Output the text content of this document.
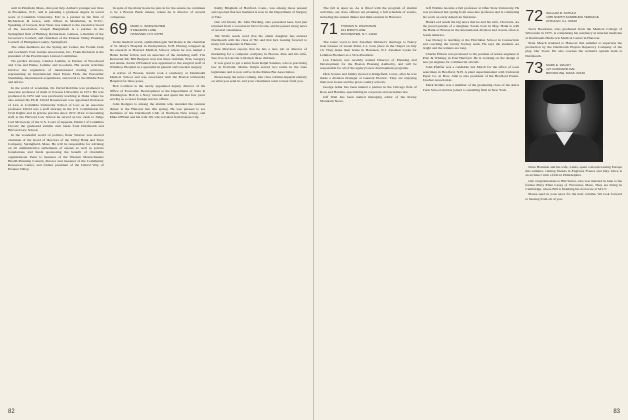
well in Pittsfield, Mass., this past July. Arthur's younger son lives in Brookline, N.Y., and is pursuing a graduate degree in social work at Columbia University. Eric is a partner in the firm of Richardson & Grace, with offices in Manhattan, in N.Y.C. Speaking of lawyers, Ron Wess was named to the executive board of the association. Joseph Bangladesh is a partner in the Springfield firm of Bulkley, Richardson, Gelinas, a member of the Governor's Council, and chairman of the Pioneer Valley Planning Council of Hampden County, Springfield.

The other members are the Spring Art Center, the Forum Club and Gorham's Tour Guides Association, Inc. Frank Richards is the president of the Practitioners Liaison Committee.

We predict attorney, Charles Lemme, is Partner of Woodward and Cole and Blake, Lemme and Goodwin. His recent activities involve the regulation of international trading contracts, representing an International Real Estate Firm, the Euroseller Steamship, international acquisitions, and travel to the Middle East and Africa.

In the world of academia, Dr. David Robbins was promoted to associate professor of math at Towson University in 1971. He was promoted in 1972 and was previously teaching at Duke where he also earned his Ph.D. David Rosensweet was appointed Professor of Law at Columbia University School of Law as an associate professor. David was a staff attorney in the U.S. Commission for Civil Rights and in private practice since 1972. Prior to becoming staff at the Harvard Law School he served as law clerk to Judge Carl McGowan of the U.S. Court of Appeals, District of Columbia Circuit; the graduated summa cum laude from Dartmouth and Harvard Law School.

In the wonderful world of politics, Peter Weaver was elected chairman of the board of directors of the Valley Bank and Trust Company, Springfield, Mass. He will be responsible for advising on all administrative settlements of estates as well as private foundations and funds sponsoring the benefit of charitable organizations. Peter is treasurer of the Western Massachusetts Health Planning Council, director and treasurer of the Community Resources Center, and former president of the United Way of Pioneer Valley.

In spite of the many hours he puts in for the senate, he continues to be a Boston Bank trustee, where he is director of several companies.

69 MARK C. WORLISCHER
5 MEADOW LANE
HANOVER, N.H. 03755

In the medical world, ophthalmologist Ted Rome is the chairman of St. Mary's Hospital in Presbyterian, N.H. Having wrapped up his research at Harvard Medical School, where he was named a Helen Keller fellow and an associate of the attending staff. The Reverend Mr. Bill Bergson now has three children, Erin, Gregory and Annie. Kevin O'Donnell was appointed to the surgical staff of Winthrop Hospital as a specialist in general and vascular surgery.

A native of Boston, Kevin took a residency at Dartmouth Medical School and was associated with the Boston University Hospital for three years.

Bob Collison is the newly appointed deputy director of the Office of Economic Development at the Department of State in Washington. Bob is a Navy veteran and spent the last few years serving as a career foreign service officer.

John Rodgers is among the alumni who attended the reunion dinner at the Hanover Inn this spring. He was pleased to see members of the Dartmouth Club of Northern New Jersey, and Mike O'Brien and his wife Jill, who traveled from Kansas City.

Kathy Bingham of Hartford, Conn., was among those present and reported that her husband is now in the Department of Surgery at Yale.

Our old friend, Dr. John Harding, also presented here, had just returned from a vacation in Nova Scotia, and he passed along news of several classmates.

Jim Wolfe sends word that his oldest daughter has entered Dartmouth with the class of '82, and that he's looking forward to many fall weekends in Hanover.

Pete Morrison reports that he has a new job as director of marketing for a computer company in Boston. Pete and his wife, Sue, live in Lincoln with their three children.

It was good to get a letter from Ralph Sanders, who is practicing law in Portland, Maine. Ralph served two terms in the state legislature and is now active in the Maine Bar Association.

Please keep the news coming. Our class column depends entirely on what you send in, and your classmates want to hear from you.

82

The fall is upon us. As is filled with the program of alumni activities, our class officers are planning a full schedule of events, including the annual dinner and mini-reunion in Hanover.

71 THOMAS N. WILKINSON
101 BIRCH LANE
ROCHESTER, N.Y. 14610

The latest word is that Jonathan Webster's marriage to Nancy Jean Glasser of Green Point, L.I. took place in the chapel on July 14. They make their home in Hoboken, N.J. Jonathan works for Lehman Brothers as a Vice-President.

Len Tiernan was recently named Director of Planning and Development for the Boston Housing Authority, and will be responsible for all of the agency's new development programs.

Dick Sowter and family moved to Ridgefield, Conn., after he was made a division manager at General Electric. They are enjoying their new house and the great country schools.

George Adler has been named a partner in the Chicago firm of Ross and Hardies, specializing in corporate and securities law.

Jeff Weil has been named managing editor of the Rocky Mountain News.

Jeff Wallins became a full professor at Ohio State University. He was promoted last spring from associate professor and is continuing his work on early American literature.

Hank Lord sends the big news that he and his wife, Charlotte, are the proud parents of a daughter, Sarah, born in May. Hank is with the Bank of Boston in the international division and travels often to South America.

Lee Dorsey is teaching at the Hotchkiss School in Connecticut and coaching the varsity hockey team. He says the students are bright and the winters are long.

Charlie Ellison was promoted to the position of senior engineer at Pratt & Whitney in East Hartford. He is working on the design of new jet engines for commercial aircraft.

John Pfeiffer was a candidate last March for the office of town selectman in Bradford, N.H. A plant superintendent with Universal Paper Co. in Bow, John is also president of the Bradford Parent-Teacher Association.

Mark Rollins was a member of the graduating class of the Amos Tuck School and has joined a consulting firm in New York.

72 WILLIAM R. SCHULZ
1455 NORTH SANDBURG TERRACE
CHICAGO, ILL. 60610

Steve Boudreau, who graduated from the Medical College of Wisconsin in 1975, is completing his residency in internal medicine at Dartmouth-Hitchcock Medical Center in Hanover.

Peter Mesch returned to Hanover this summer to supervise the production by the Dartmouth Players Repertory Company of the play, Our Town. He also coaches the women's squash team at Dartmouth.

73 MARK E. WALSH
127 GODDARD AVE.
BROOKLINE, MASS. 02146

Dave Hartman and his wife, Linda, spent a month touring Europe this summer, visiting friends in England, France and Italy. Dave is an architect with a firm in Philadelphia.

Our congratulations to Bill Sutter, who was married in June to the former Mary Ellen Casey of Worcester, Mass. They are living in Cambridge, where Bill is finishing his doctorate at M.I.T.

Please send in your news for the next column. We look forward to hearing from all of you.

83
